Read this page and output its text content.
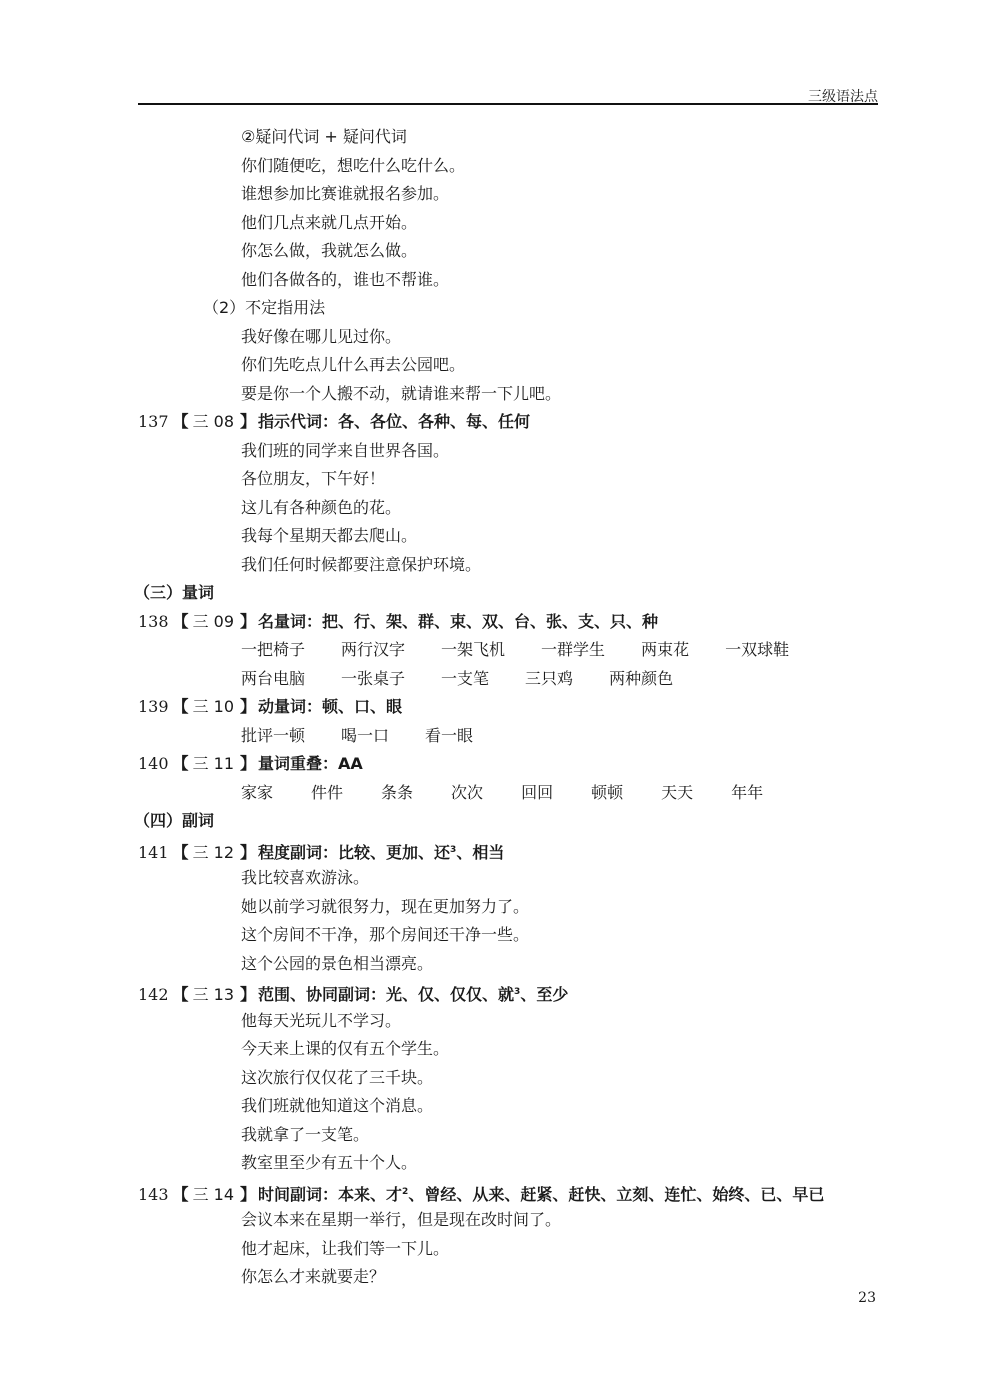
三级语法点
②疑问代词 + 疑问代词
你们随便吃，想吃什么吃什么。
谁想参加比赛谁就报名参加。
他们几点来就几点开始。
你怎么做，我就怎么做。
他们各做各的，谁也不帮谁。
（2）不定指用法
我好像在哪儿见过你。
你们先吃点儿什么再去公园吧。
要是你一个人搬不动，就请谁来帮一下儿吧。
137 【 三 08 】 指示代词：各、各位、各种、每、任何
我们班的同学来自世界各国。
各位朋友，下午好！
这儿有各种颜色的花。
我每个星期天都去爬山。
我们任何时候都要注意保护环境。
（三）量词
138 【 三 09 】 名量词：把、行、架、群、束、双、台、张、支、只、种
一把椅子 两行汉字 一架飞机 一群学生 两束花 一双球鞋
两台电脑 一张桌子 一支笔 三只鸡 两种颜色
139 【 三 10 】 动量词：顿、口、眼
批评一顿 喝一口 看一眼
140 【 三 11 】 量词重叠：AA
家家 件件 条条 次次 回回 顿顿 天天 年年
（四）副词
141 【 三 12 】 程度副词：比较、更加、还$^3$、相当
我比较喜欢游泳。
她以前学习就很努力，现在更加努力了。
这个房间不干净，那个房间还干净一些。
这个公园的景色相当漂亮。
142 【 三 13 】 范围、协同副词：光、仅、仅仅、就$^3$、至少
他每天光玩儿不学习。
今天来上课的仅有五个学生。
这次旅行仅仅花了三千块。
我们班就他知道这个消息。
我就拿了一支笔。
教室里至少有五十个人。
143 【 三 14 】 时间副词：本来、才$^2$、曾经、从来、赶紧、赶快、立刻、连忙、始终、已、早已
会议本来在星期一举行，但是现在改时间了。
他才起床，让我们等一下儿。
你怎么才来就要走？
23
